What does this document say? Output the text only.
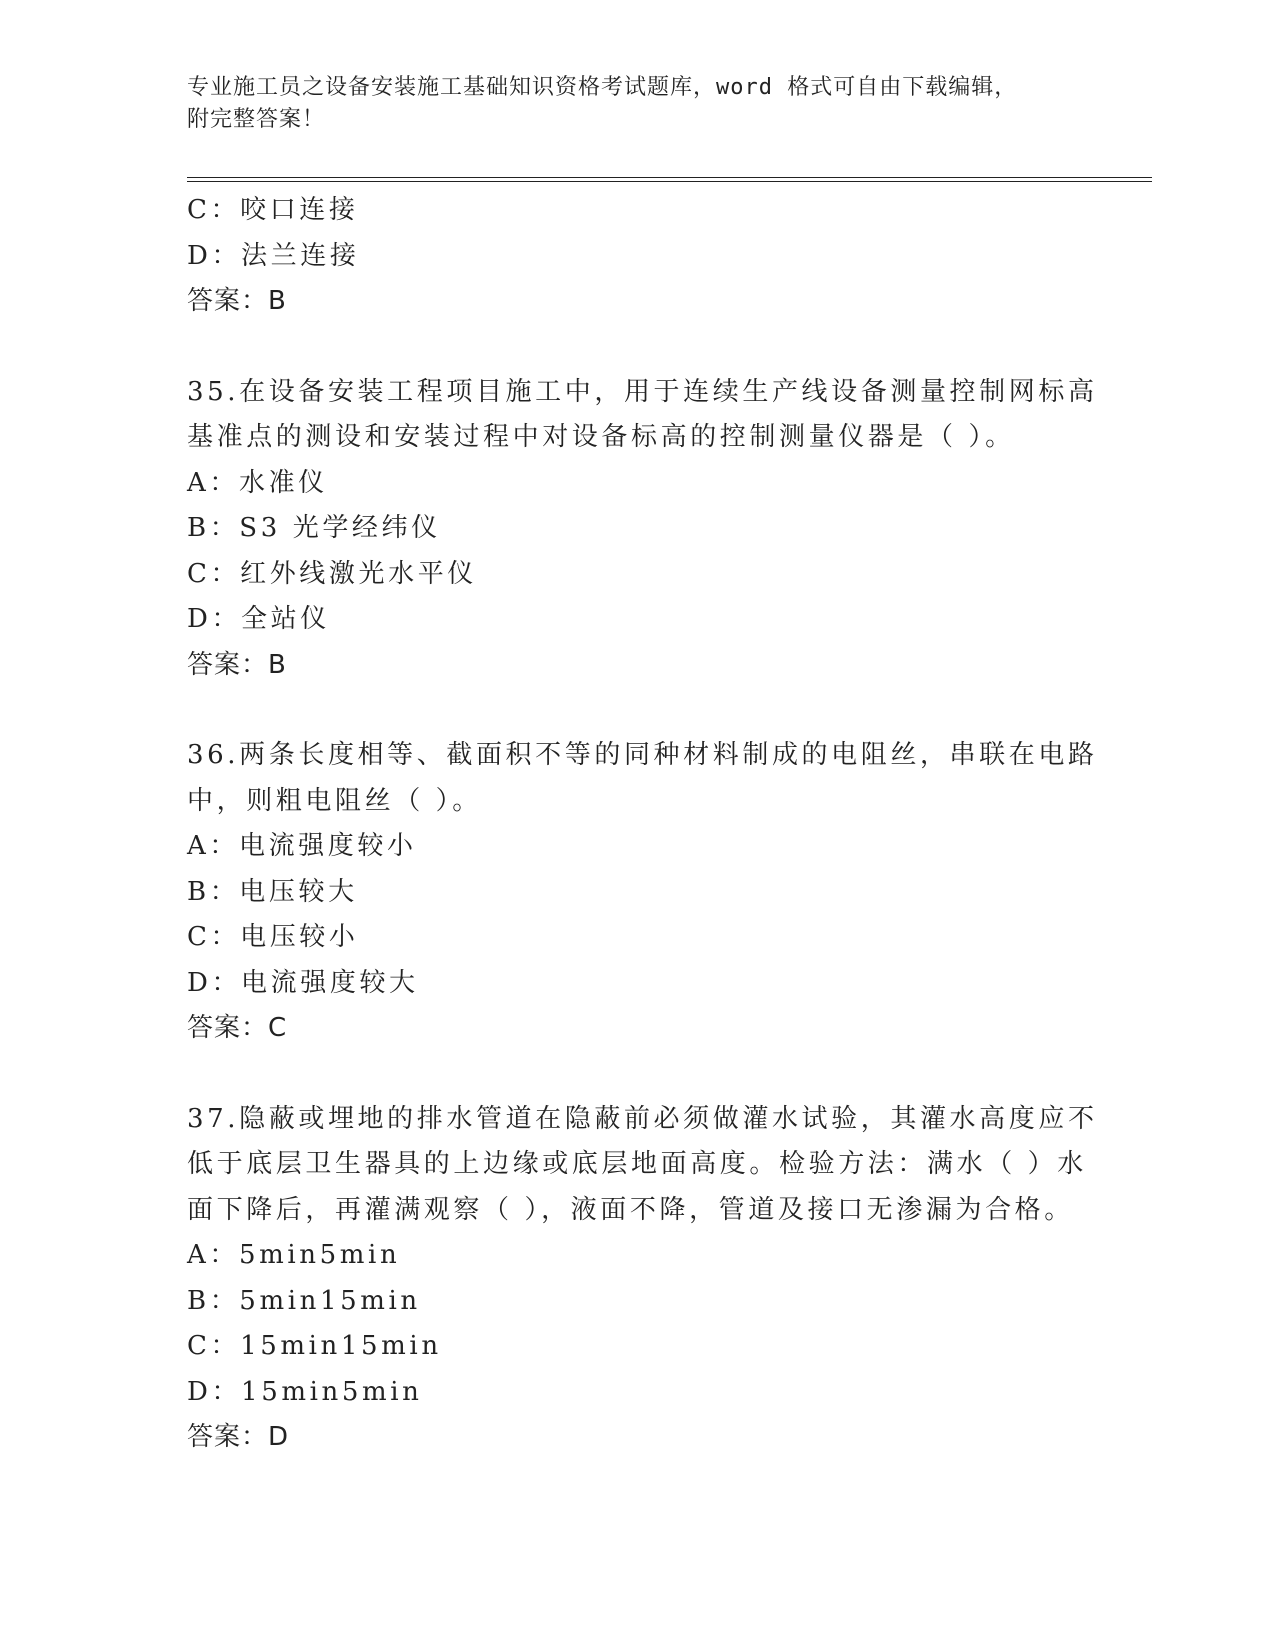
专业施工员之设备安装施工基础知识资格考试题库，word 格式可自由下载编辑，
附完整答案！
C：咬口连接
D：法兰连接
答案：B
35.在设备安装工程项目施工中，用于连续生产线设备测量控制网标高
基准点的测设和安装过程中对设备标高的控制测量仪器是（ ）。
A：水准仪
B：S3 光学经纬仪
C：红外线激光水平仪
D：全站仪
答案：B
36.两条长度相等、截面积不等的同种材料制成的电阻丝，串联在电路
中，则粗电阻丝（ ）。
A：电流强度较小
B：电压较大
C：电压较小
D：电流强度较大
答案：C
37.隐蔽或埋地的排水管道在隐蔽前必须做灌水试验，其灌水高度应不
低于底层卫生器具的上边缘或底层地面高度。检验方法：满水（ ）水
面下降后，再灌满观察（ ），液面不降，管道及接口无渗漏为合格。
A：5min5min
B：5min15min
C：15min15min
D：15min5min
答案：D
